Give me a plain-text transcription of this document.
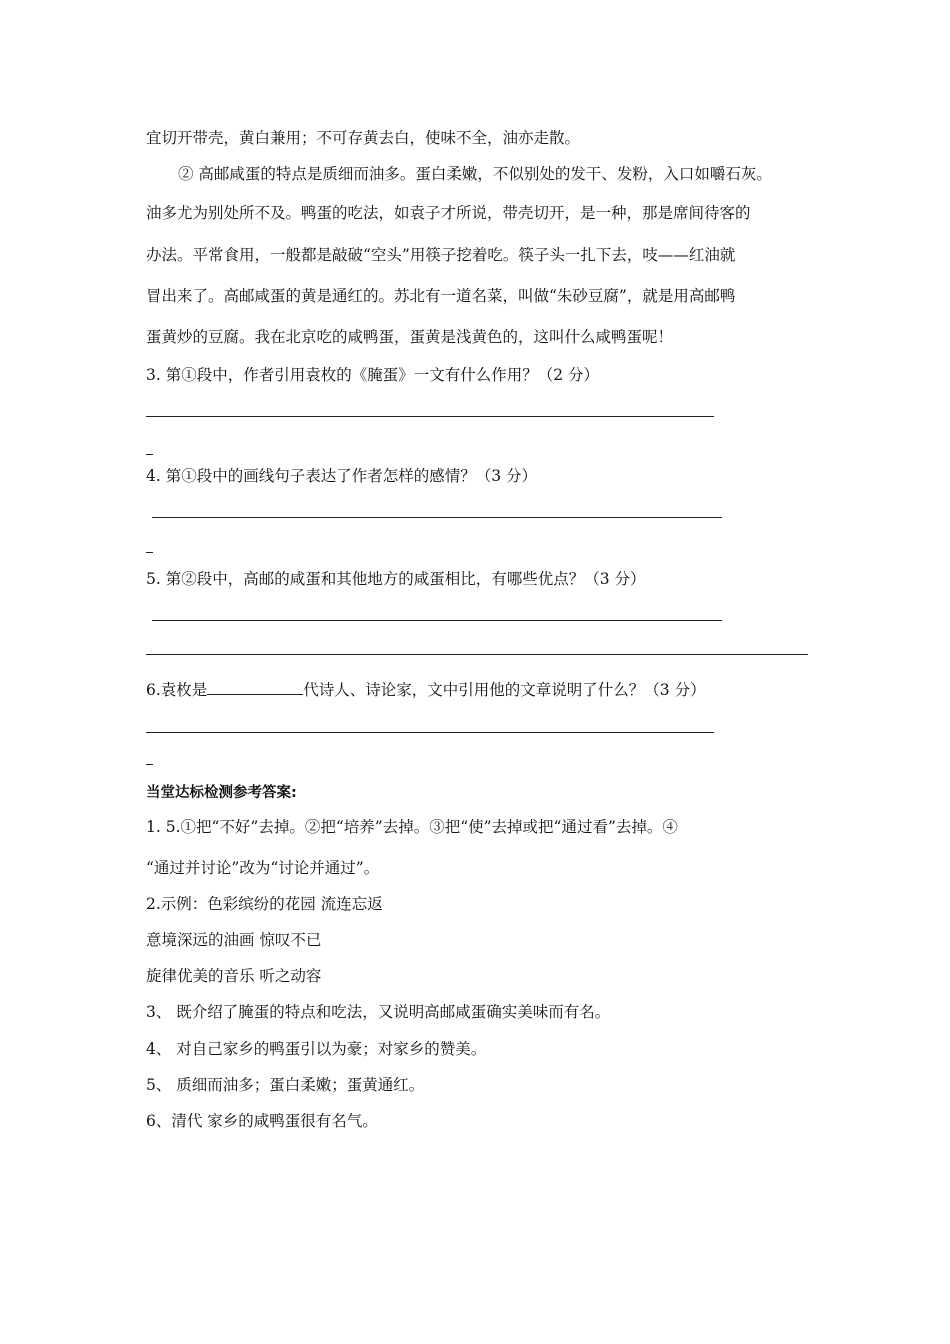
宜切开带壳，黄白兼用；不可存黄去白，使味不全，油亦走散。
② 高邮咸蛋的特点是质细而油多。蛋白柔嫩，不似别处的发干、发粉，入口如嚼石灰。
油多尤为别处所不及。鸭蛋的吃法，如袁子才所说，带壳切开，是一种，那是席间待客的
办法。平常食用，一般都是敲破“空头”用筷子挖着吃。筷子头一扎下去，吱——红油就
冒出来了。高邮咸蛋的黄是通红的。苏北有一道名菜，叫做“朱砂豆腐”，就是用高邮鸭
蛋黄炒的豆腐。我在北京吃的咸鸭蛋，蛋黄是浅黄色的，这叫什么咸鸭蛋呢！
3. 第①段中，作者引用袁枚的《腌蛋》一文有什么作用？（2 分）
4. 第①段中的画线句子表达了作者怎样的感情？（3 分）
5. 第②段中，高邮的咸蛋和其他地方的咸蛋相比，有哪些优点？（3 分）
6.袁枚是	代诗人、诗论家，文中引用他的文章说明了什么？（3 分）
当堂达标检测参考答案:
1. 5.①把“不好”去掉。②把“培养”去掉。③把“使”去掉或把“通过看”去掉。④
“通过并讨论”改为“讨论并通过”。
2.示例：色彩缤纷的花园 流连忘返
意境深远的油画 惊叹不已
旋律优美的音乐 听之动容
3、 既介绍了腌蛋的特点和吃法，又说明高邮咸蛋确实美味而有名。
4、 对自己家乡的鸭蛋引以为豪；对家乡的赞美。
5、 质细而油多；蛋白柔嫩；蛋黄通红。
6、清代 家乡的咸鸭蛋很有名气。
